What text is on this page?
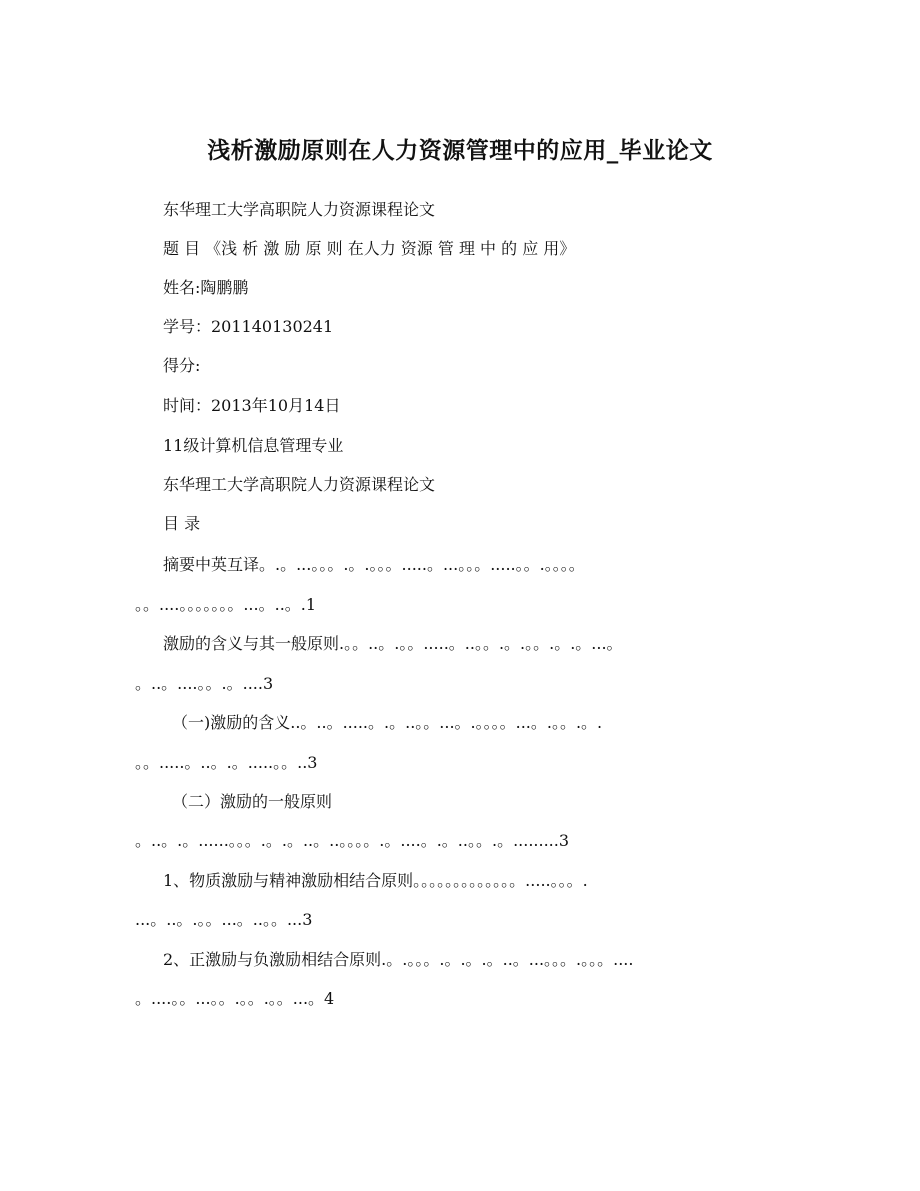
浅析激励原则在人力资源管理中的应用_毕业论文
东华理工大学高职院人力资源课程论文
题 目 《浅 析 激 励 原 则 在人力 资源 管 理 中 的 应 用》
姓名:陶鹏鹏
学号：201140130241
得分:
时间：2013年10月14日
11级计算机信息管理专业
东华理工大学高职院人力资源课程论文
目 录
摘要中英互译。.。...。。。.。.。。。.....。...。。。.....。。.。。。。
。。....。。。。。。。...。..。.1
激励的含义与其一般原则.。。..。.。。.....。..。。.。.。。.。.。...。
。..。....。。.。....3
（一)激励的含义..。..。.....。.。..。。...。.。。。。...。.。。.。.
。。.....。..。.。.....。。..3
（二）激励的一般原则
。..。.。......。。。.。.。..。..。。。。.。....。.。..。。.。.........3
1、物质激励与精神激励相结合原则。。。。。。。。。。。。。.....。。。.
...。..。.。。...。..。。...3
2、正激励与负激励相结合原则.。.。。。.。.。.。..。...。。。.。。。....
。....。。...。。.。。.。。...。4
